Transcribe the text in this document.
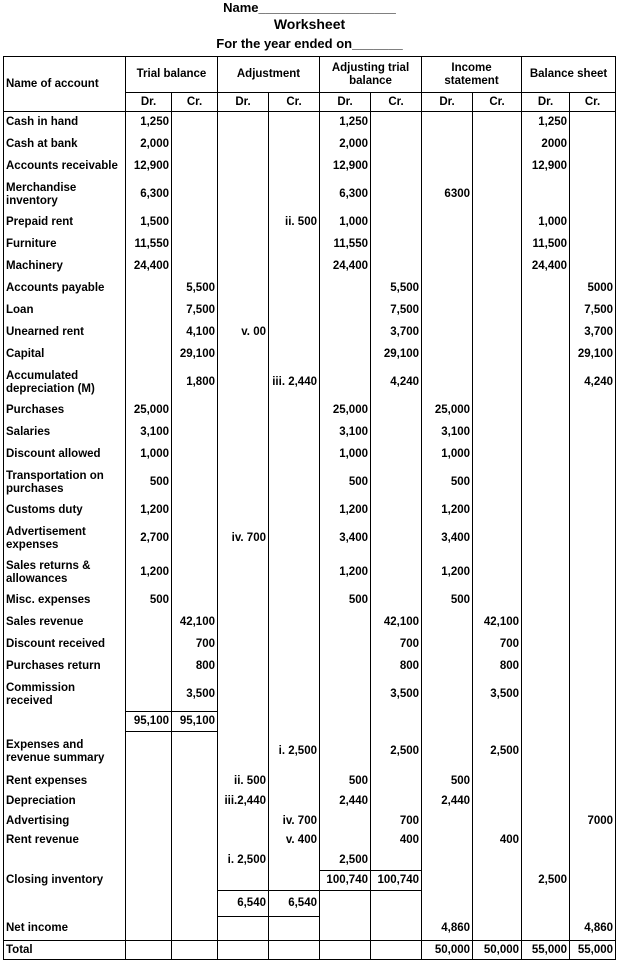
Name___________________
Worksheet
For the year ended on_______
Name of account	Trial balance		Adjustment		Adjusting trial balance		Income statement		Balance sheet	
	Dr.	Cr.	Dr.	Cr.	Dr.	Cr.	Dr.	Cr.	Dr.	Cr.
Cash in hand	1,250				1,250				1,250	
Cash at bank	2,000				2,000				2000	
Accounts receivable	12,900				12,900				12,900	
Merchandise inventory	6,300				6,300		6300			
Prepaid rent	1,500			ii. 500	1,000				1,000	
Furniture	11,550				11,550				11,500	
Machinery	24,400				24,400				24,400	
Accounts payable		5,500				5,500				5000
Loan		7,500				7,500				7,500
Unearned rent		4,100	v. 00			3,700				3,700
Capital		29,100				29,100				29,100
Accumulated depreciation (M)		1,800		iii. 2,440		4,240				4,240
Purchases	25,000				25,000		25,000			
Salaries	3,100				3,100		3,100			
Discount allowed	1,000				1,000		1,000			
Transportation on purchases	500				500		500			
Customs duty	1,200				1,200		1,200			
Advertisement expenses	2,700		iv. 700		3,400		3,400			
Sales returns & allowances	1,200				1,200		1,200			
Misc. expenses	500				500		500			
Sales revenue		42,100				42,100		42,100		
Discount received		700				700		700		
Purchases return		800				800		800		
Commission received		3,500				3,500		3,500		
	95,100	95,100								
Expenses and revenue summary				i. 2,500		2,500		2,500		
Rent expenses			ii. 500		500		500			
Depreciation			iii.2,440		2,440		2,440			
Advertising				iv. 700		700				7000
Rent revenue				v. 400		400		400		
			i. 2,500		2,500					
Closing inventory					100,740	100,740			2,500	
			6,540	6,540						
Net income							4,860			4,860
Total							50,000	50,000	55,000	55,000
